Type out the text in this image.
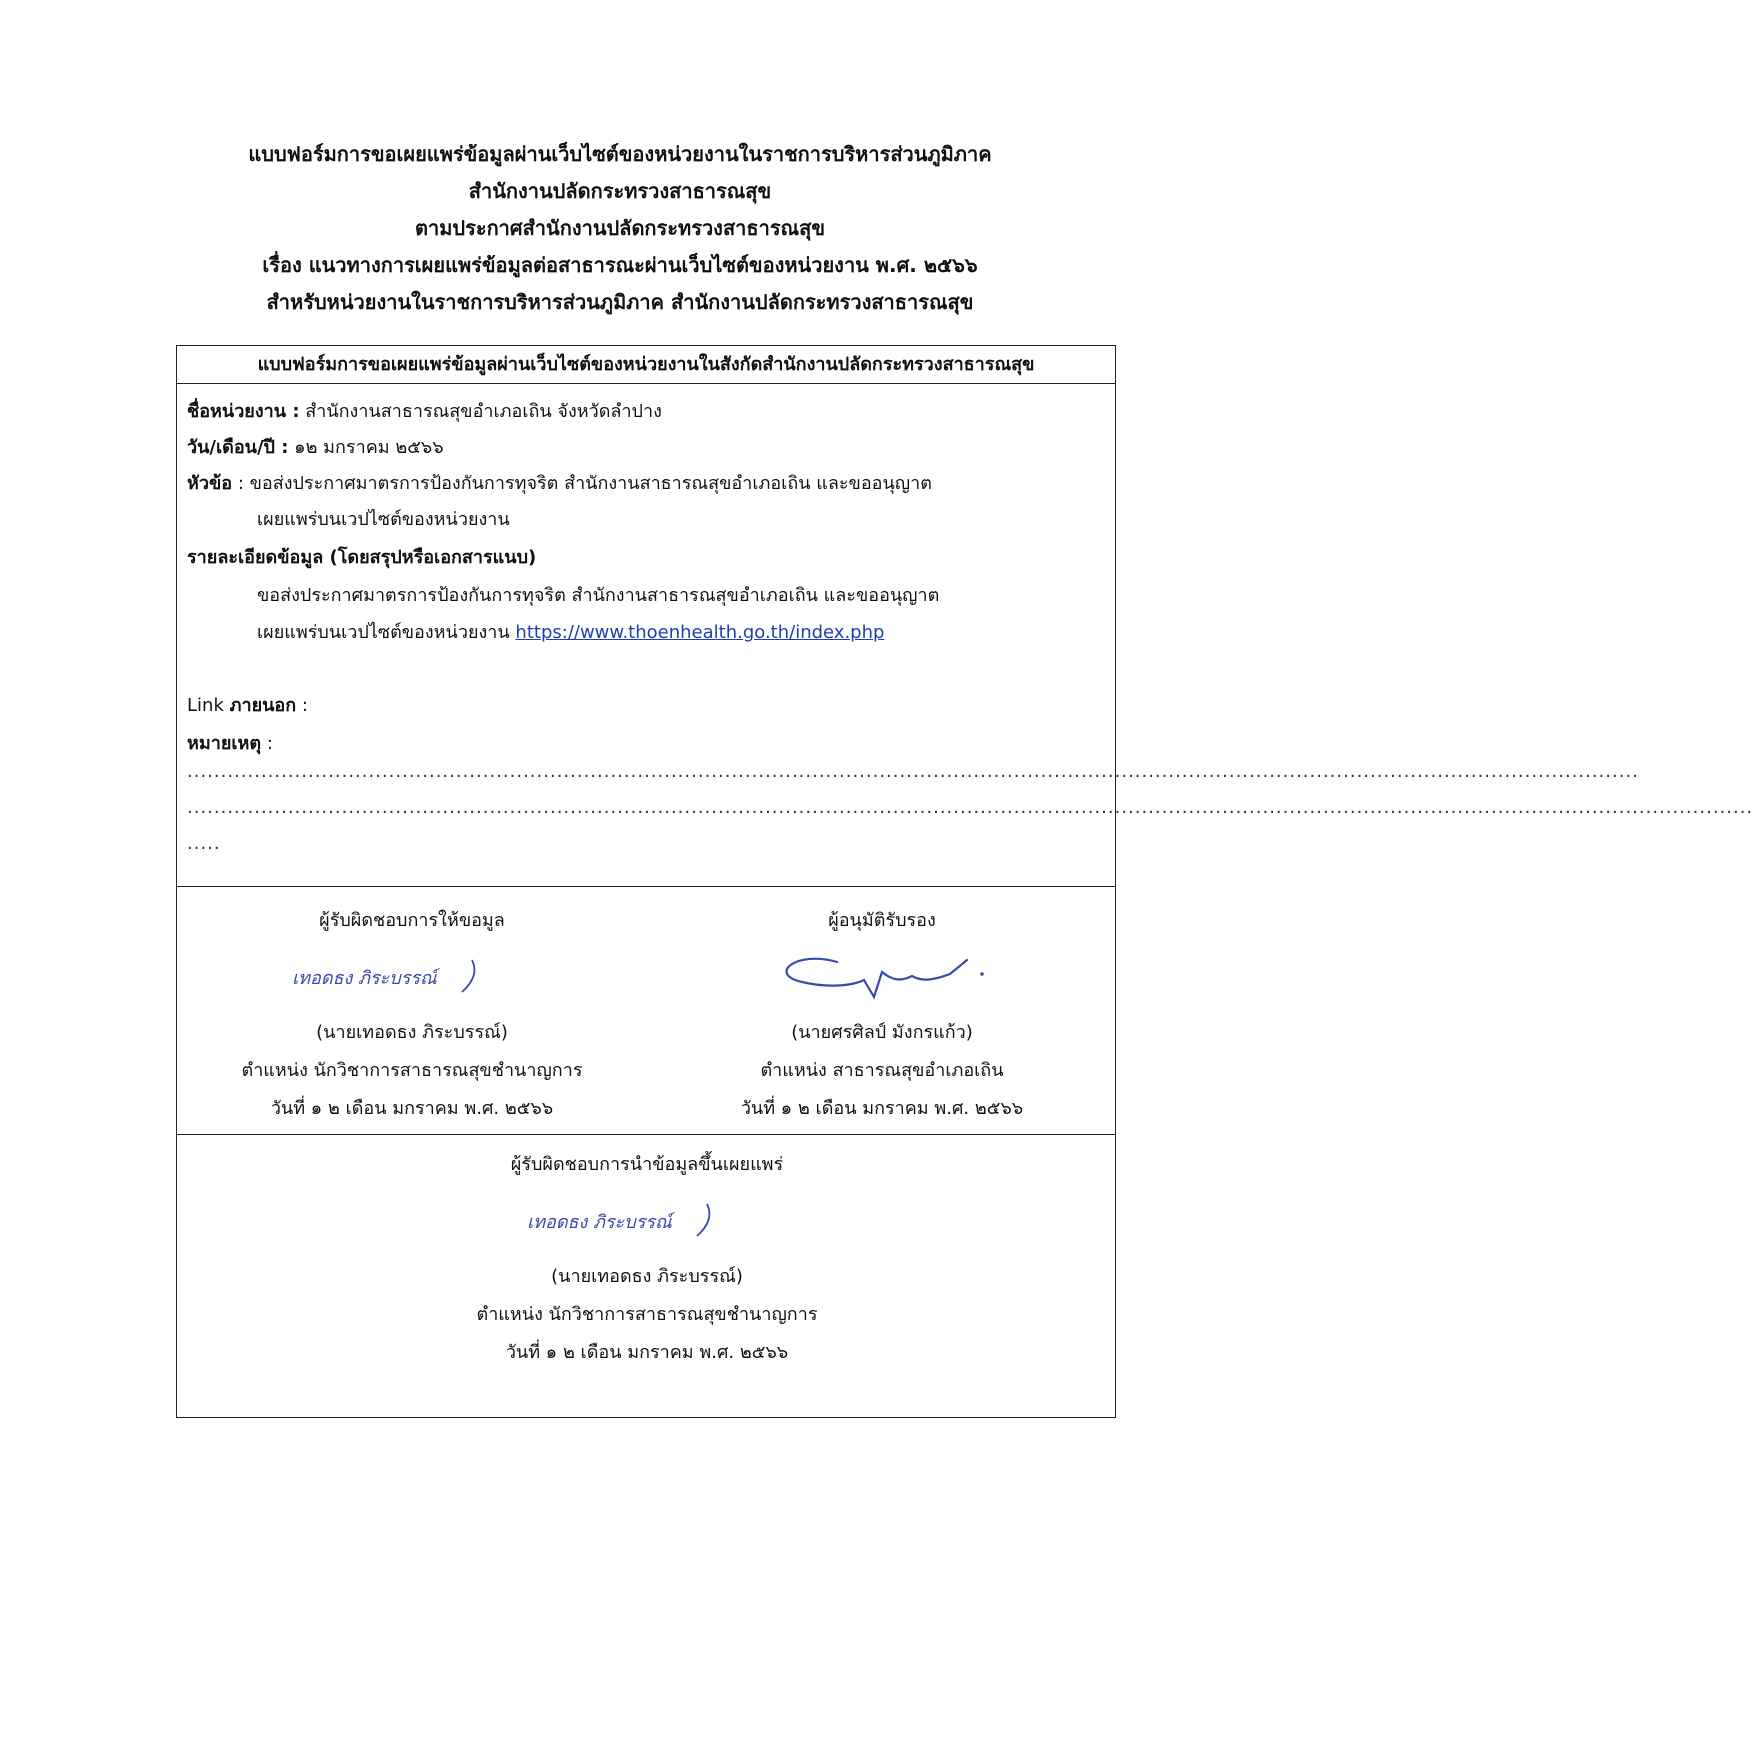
แบบฟอร์มการขอเผยแพร่ข้อมูลผ่านเว็บไซต์ของหน่วยงานในราชการบริหารส่วนภูมิภาค
สำนักงานปลัดกระทรวงสาธารณสุข
ตามประกาศสำนักงานปลัดกระทรวงสาธารณสุข
เรื่อง แนวทางการเผยแพร่ข้อมูลต่อสาธารณะผ่านเว็บไซต์ของหน่วยงาน พ.ศ. ๒๕๖๖
สำหรับหน่วยงานในราชการบริหารส่วนภูมิภาค สำนักงานปลัดกระทรวงสาธารณสุข
แบบฟอร์มการขอเผยแพร่ข้อมูลผ่านเว็บไซต์ของหน่วยงานในสังกัดสำนักงานปลัดกระทรวงสาธารณสุข
ชื่อหน่วยงาน : สำนักงานสาธารณสุขอำเภอเถิน จังหวัดลำปาง
วัน/เดือน/ปี : ๑๒ มกราคม ๒๕๖๖
หัวข้อ : ขอส่งประกาศมาตรการป้องกันการทุจริต สำนักงานสาธารณสุขอำเภอเถิน และขออนุญาต
เผยแพร่บนเวปไซต์ของหน่วยงาน
รายละเอียดข้อมูล (โดยสรุปหรือเอกสารแนบ)
ขอส่งประกาศมาตรการป้องกันการทุจริต สำนักงานสาธารณสุขอำเภอเถิน และขออนุญาต
เผยแพร่บนเวปไซต์ของหน่วยงาน https://www.thoenhealth.go.th/index.php
Link ภายนอก :
หมายเหตุ :
........................................................................................................................................................................................................................
.........................................................................................................................................................................................................................................
.....
ผู้รับผิดชอบการให้ขอมูล
เทอดธง ภิระบรรณ์
(นายเทอดธง ภิระบรรณ์)
ตำแหน่ง นักวิชาการสาธารณสุขชำนาญการ
วันที่ ๑ ๒ เดือน มกราคม พ.ศ. ๒๕๖๖
ผู้อนุมัติรับรอง
(นายศรศิลป์ มังกรแก้ว)
ตำแหน่ง สาธารณสุขอำเภอเถิน
วันที่ ๑ ๒ เดือน มกราคม พ.ศ. ๒๕๖๖
ผู้รับผิดชอบการนำข้อมูลขึ้นเผยแพร่
เทอดธง ภิระบรรณ์
(นายเทอดธง ภิระบรรณ์)
ตำแหน่ง นักวิชาการสาธารณสุขชำนาญการ
วันที่ ๑ ๒ เดือน มกราคม พ.ศ. ๒๕๖๖
